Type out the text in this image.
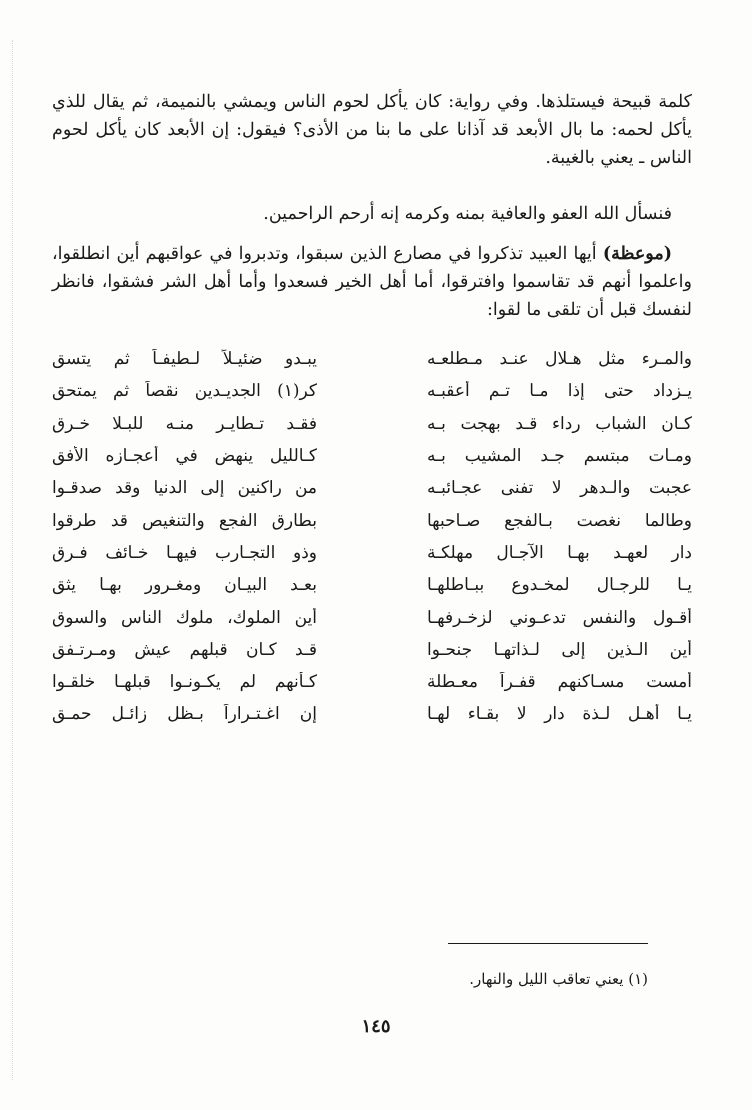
كلمة قبيحة فيستلذها. وفي رواية: كان يأكل لحوم الناس ويمشي بالنميمة، ثم يقال للذي يأكل لحمه: ما بال الأبعد قد آذانا على ما بنا من الأذى؟ فيقول: إن الأبعد كان يأكل لحوم الناس ـ يعني بالغيبة.

فنسأل الله العفو والعافية بمنه وكرمه إنه أرحم الراحمين.

(موعظة) أيها العبيد تذكروا في مصارع الذين سبقوا، وتدبروا في عواقبهم أين انطلقوا، واعلموا أنهم قد تقاسموا وافترقوا، أما أهل الخير فسعدوا وأما أهل الشر فشقوا، فانظر لنفسك قبل أن تلقى ما لقوا:

والمـرء مثل هـلال عنـد مـطلعـه
يبـدو ضئيـلاً لـطيفـاً ثم يتسق
يـزداد حتى إذا مـا تـم أعقبـه
كر(١) الجديـدين نقصاً ثم يمتحق
كـان الشباب رداء قـد بهجت بـه
فقـد تـطايـر منـه للبـلا خـرق
ومـات مبتسم جـد المشيب بـه
كـالليل ينهض في أعجـازه الأفق
عجبت والـدهر لا تفنى عجـائبـه
من راكنين إلى الدنيا وقد صدقـوا
وطالما نغصت بـالفجع صـاحبها
بطارق الفجع والتنغيص قد طرقوا
دار لعهـد بهـا الآجـال مهلكـة
وذو التجـارب فيهـا خـائف فـرق
يـا للرجـال لمخـدوع ببـاطلهـا
بعـد البيـان ومغـرور بهـا يثق
أقـول والنفس تدعـوني لزخـرفهـا
أين الملوك، ملوك الناس والسوق
أين الـذين إلى لـذاتهـا جنحـوا
قـد كـان قبلهم عيش ومـرتـفق
أمست مسـاكنهم قفـراً معـطلة
كـأنهم لم يكـونـوا قبلهـا خلقـوا
يـا أهـل لـذة دار لا بقـاء لهـا
إن اغـتـراراً بـظل زائـل حمـق

(١) يعني تعاقب الليل والنهار.

١٤٥
